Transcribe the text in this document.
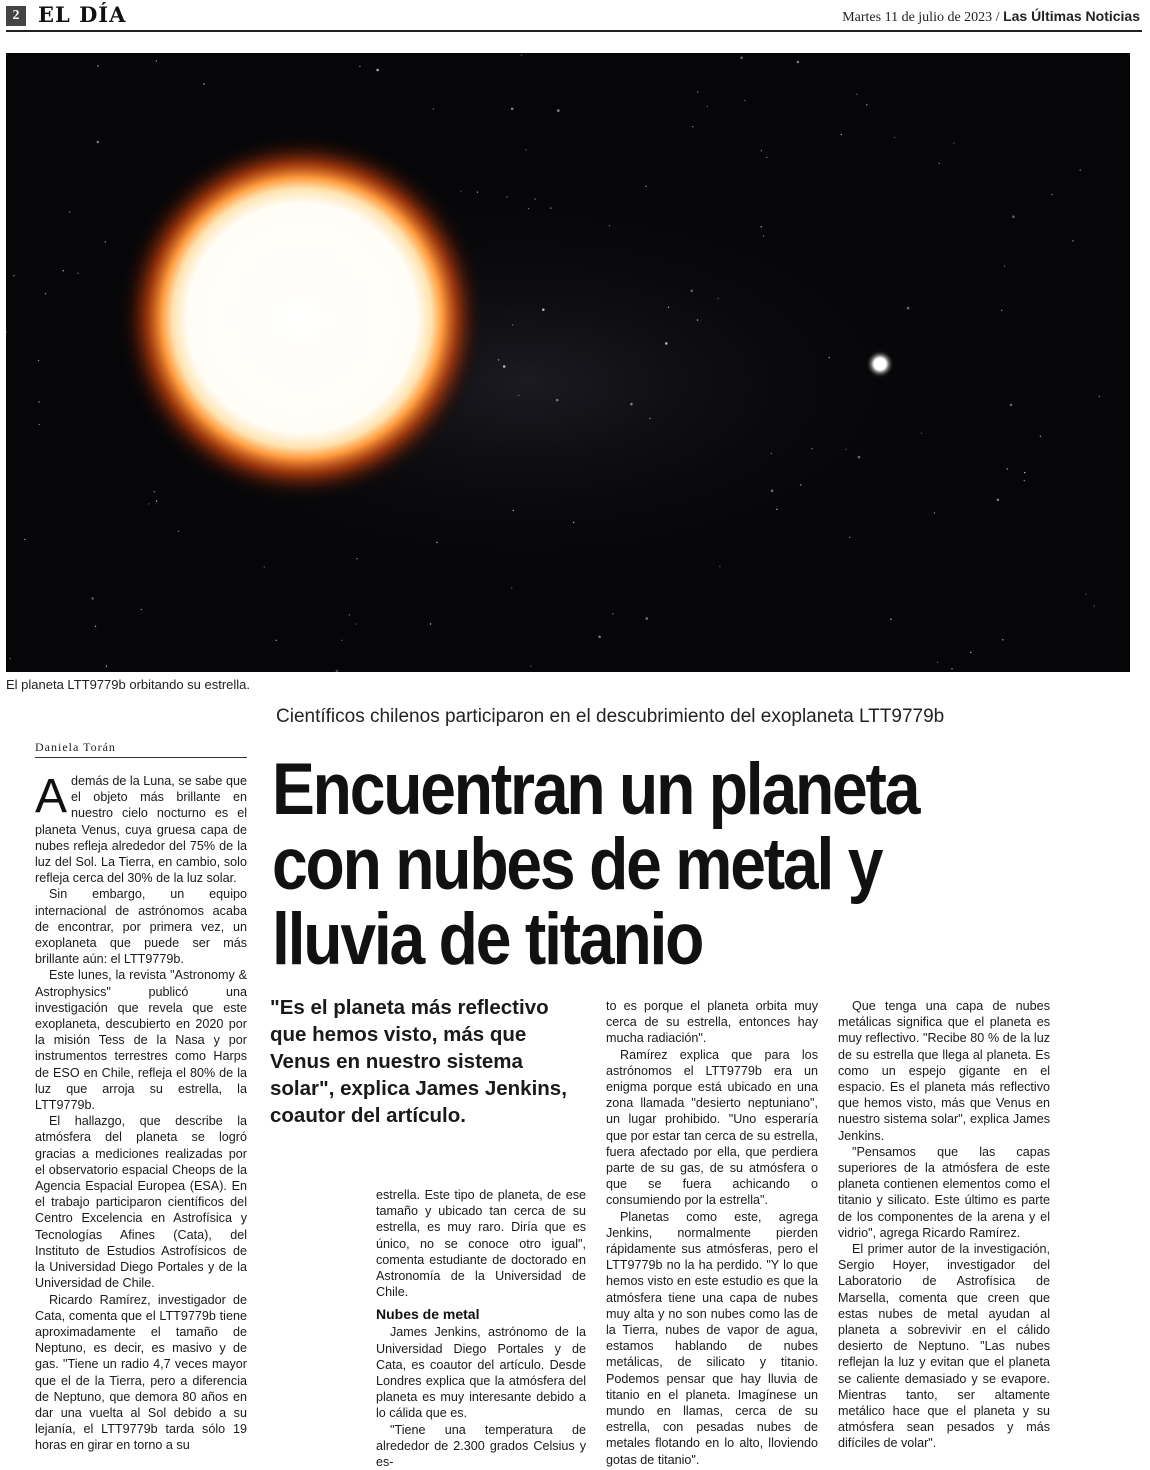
2 EL DÍA	Martes 11 de julio de 2023 / Las Últimas Noticias
El planeta LTT9779b orbitando su estrella.
Científicos chilenos participaron en el descubrimiento del exoplaneta LTT9779b
Encuentran un planeta con nubes de metal y lluvia de titanio
Daniela Torán

Además de la Luna, se sabe que el objeto más brillante en nuestro cielo nocturno es el planeta Venus, cuya gruesa capa de nubes refleja alrededor del 75% de la luz del Sol. La Tierra, en cambio, solo refleja cerca del 30% de la luz solar.

Sin embargo, un equipo internacional de astrónomos acaba de encontrar, por primera vez, un exoplaneta que puede ser más brillante aún: el LTT9779b.

Este lunes, la revista "Astronomy & Astrophysics" publicó una investigación que revela que este exoplaneta, descubierto en 2020 por la misión Tess de la Nasa y por instrumentos terrestres como Harps de ESO en Chile, refleja el 80% de la luz que arroja su estrella, la LTT9779b.

El hallazgo, que describe la atmósfera del planeta se logró gracias a mediciones realizadas por el observatorio espacial Cheops de la Agencia Espacial Europea (ESA). En el trabajo participaron científicos del Centro Excelencia en Astrofísica y Tecnologías Afines (Cata), del Instituto de Estudios Astrofísicos de la Universidad Diego Portales y de la Universidad de Chile.

Ricardo Ramírez, investigador de Cata, comenta que el LTT9779b tiene aproximadamente el tamaño de Neptuno, es decir, es masivo y de gas. "Tiene un radio 4,7 veces mayor que el de la Tierra, pero a diferencia de Neptuno, que demora 80 años en dar una vuelta al Sol debido a su lejanía, el LTT9779b tarda sólo 19 horas en girar en torno a su

"Es el planeta más reflectivo que hemos visto, más que Venus en nuestro sistema solar", explica James Jenkins, coautor del artículo.

estrella. Este tipo de planeta, de ese tamaño y ubicado tan cerca de su estrella, es muy raro. Diría que es único, no se conoce otro igual", comenta estudiante de doctorado en Astronomía de la Universidad de Chile.

Nubes de metal

James Jenkins, astrónomo de la Universidad Diego Portales y de Cata, es coautor del artículo. Desde Londres explica que la atmósfera del planeta es muy interesante debido a lo cálida que es.

"Tiene una temperatura de alrededor de 2.300 grados Celsius y es-

to es porque el planeta orbita muy cerca de su estrella, entonces hay mucha radiación".

Ramírez explica que para los astrónomos el LTT9779b era un enigma porque está ubicado en una zona llamada "desierto neptuniano", un lugar prohibido. "Uno esperaría que por estar tan cerca de su estrella, fuera afectado por ella, que perdiera parte de su gas, de su atmósfera o que se fuera achicando o consumiendo por la estrella".

Planetas como este, agrega Jenkins, normalmente pierden rápidamente sus atmósferas, pero el LTT9779b no la ha perdido. "Y lo que hemos visto en este estudio es que la atmósfera tiene una capa de nubes muy alta y no son nubes como las de la Tierra, nubes de vapor de agua, estamos hablando de nubes metálicas, de silicato y titanio. Podemos pensar que hay lluvia de titanio en el planeta. Imagínese un mundo en llamas, cerca de su estrella, con pesadas nubes de metales flotando en lo alto, lloviendo gotas de titanio".

Que tenga una capa de nubes metálicas significa que el planeta es muy reflectivo. "Recibe 80 % de la luz de su estrella que llega al planeta. Es como un espejo gigante en el espacio. Es el planeta más reflectivo que hemos visto, más que Venus en nuestro sistema solar", explica James Jenkins.

"Pensamos que las capas superiores de la atmósfera de este planeta contienen elementos como el titanio y silicato. Este último es parte de los componentes de la arena y el vidrio", agrega Ricardo Ramírez.

El primer autor de la investigación, Sergio Hoyer, investigador del Laboratorio de Astrofísica de Marsella, comenta que creen que estas nubes de metal ayudan al planeta a sobrevivir en el cálido desierto de Neptuno. "Las nubes reflejan la luz y evitan que el planeta se caliente demasiado y se evapore. Mientras tanto, ser altamente metálico hace que el planeta y su atmósfera sean pesados y más difíciles de volar".
